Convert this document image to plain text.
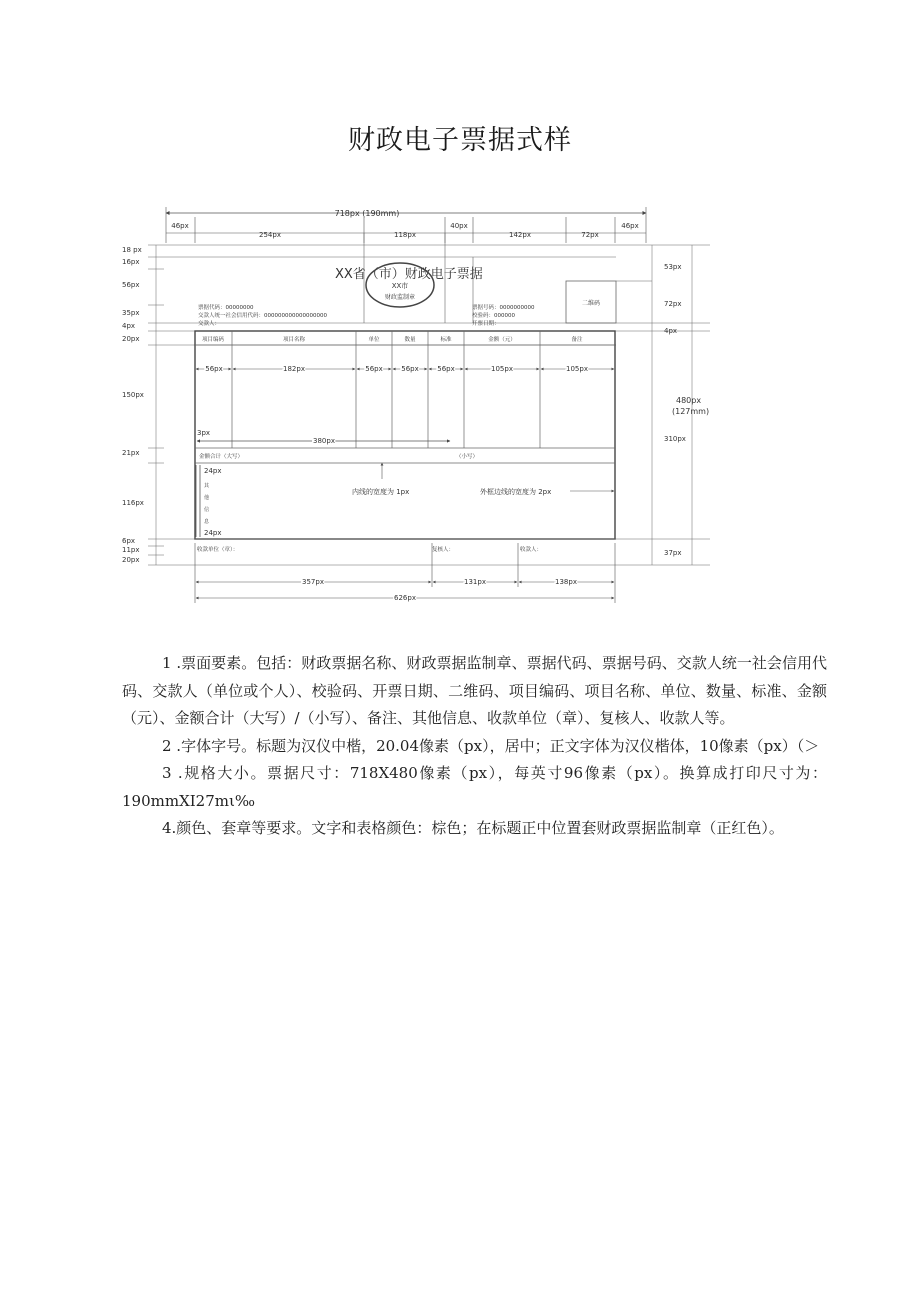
财政电子票据式样
718px (190mm)
46px
254px	118px
40px
142px	72px
46px
18 px
16px
56px
35px
4px
20px
150px
21px
116px
6px
11px
20px
53px
72px
4px
310px
37px
480px
(127mm)
XX省（市）财政电子票据
XX市
财政监制章
票据代码：00000000
交款人统一社会信用代码：000000000000000000
交款人：
票据号码：0000000000
校验码：000000
开票日期：
二维码
项目编码	项目名称	单位	数量	标准	金额（元）	备注
56px	182px	56px	56px	56px	105px	105px
380px
3px
金额合计（大写）	（小写）
24px
24px
其
他
信
息
内线的宽度为 1px	外框边线的宽度为 2px
收款单位（章）：	复核人：	收款人：
357px	131px	138px
626px

1 .票面要素。包括：财政票据名称、财政票据监制章、票据代码、票据号码、交款人统一社会信用代码、交款人（单位或个人）、校验码、开票日期、二维码、项目编码、项目名称、单位、数量、标准、金额（元）、金额合计（大写）/（小写）、备注、其他信息、收款单位（章）、复核人、收款人等。

2 .字体字号。标题为汉仪中楷，20.04像素（px），居中；正文字体为汉仪楷体，10像素（px）（＞

3 .规格大小。票据尺寸：718X480像素（px），每英寸96像素（px）。换算成打印尺寸为：190mmXI27mι‰

4.颜色、套章等要求。文字和表格颜色：棕色；在标题正中位置套财政票据监制章（正红色）。
